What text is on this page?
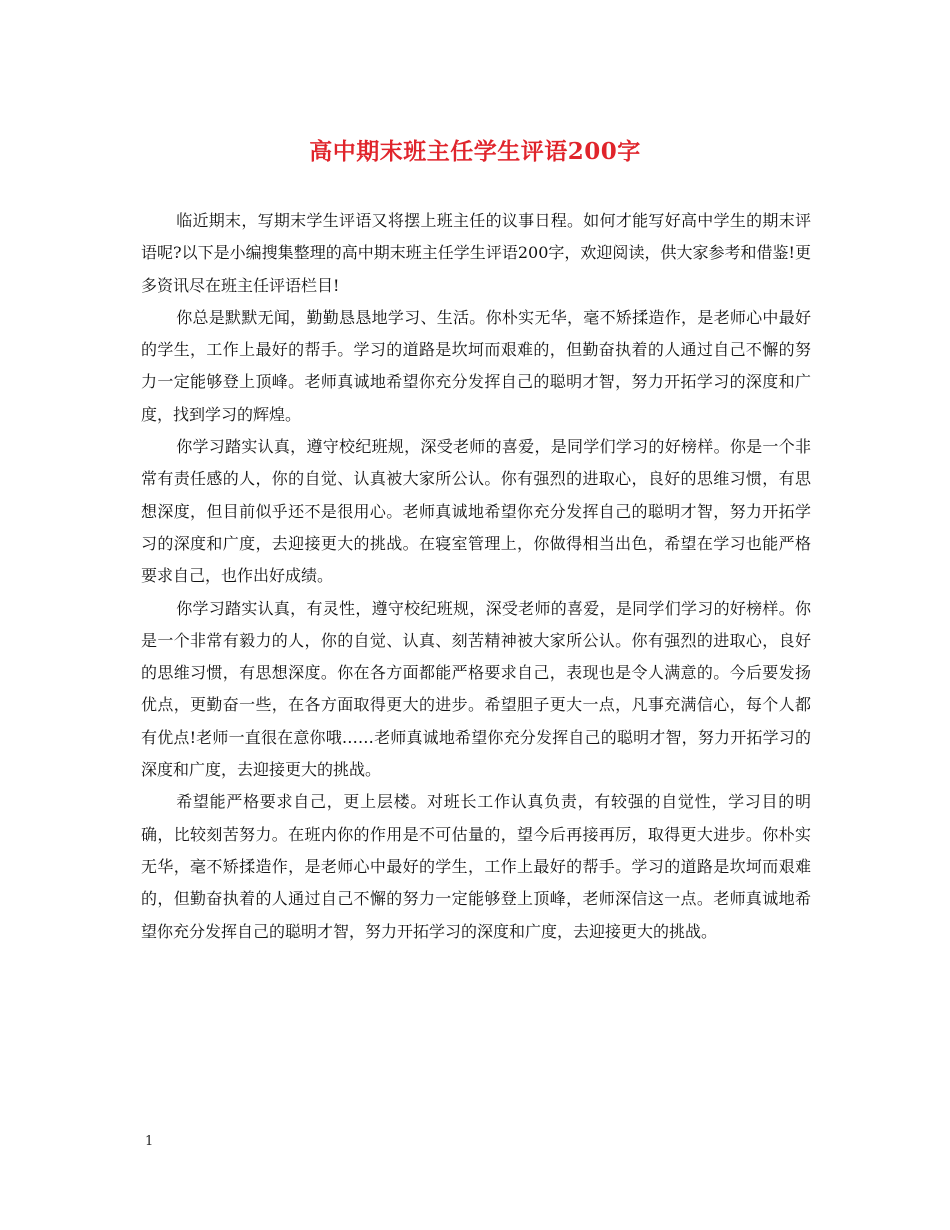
高中期末班主任学生评语200字

临近期末，写期末学生评语又将摆上班主任的议事日程。如何才能写好高中学生的期末评语呢?以下是小编搜集整理的高中期末班主任学生评语200字，欢迎阅读，供大家参考和借鉴!更多资讯尽在班主任评语栏目!

你总是默默无闻，勤勤恳恳地学习、生活。你朴实无华，毫不矫揉造作，是老师心中最好的学生，工作上最好的帮手。学习的道路是坎坷而艰难的，但勤奋执着的人通过自己不懈的努力一定能够登上顶峰。老师真诚地希望你充分发挥自己的聪明才智，努力开拓学习的深度和广度，找到学习的辉煌。

你学习踏实认真，遵守校纪班规，深受老师的喜爱，是同学们学习的好榜样。你是一个非常有责任感的人，你的自觉、认真被大家所公认。你有强烈的进取心，良好的思维习惯，有思想深度，但目前似乎还不是很用心。老师真诚地希望你充分发挥自己的聪明才智，努力开拓学习的深度和广度，去迎接更大的挑战。在寝室管理上，你做得相当出色，希望在学习也能严格要求自己，也作出好成绩。

你学习踏实认真，有灵性，遵守校纪班规，深受老师的喜爱，是同学们学习的好榜样。你是一个非常有毅力的人，你的自觉、认真、刻苦精神被大家所公认。你有强烈的进取心，良好的思维习惯，有思想深度。你在各方面都能严格要求自己，表现也是令人满意的。今后要发扬优点，更勤奋一些，在各方面取得更大的进步。希望胆子更大一点，凡事充满信心，每个人都有优点!老师一直很在意你哦……老师真诚地希望你充分发挥自己的聪明才智，努力开拓学习的深度和广度，去迎接更大的挑战。

希望能严格要求自己，更上层楼。对班长工作认真负责，有较强的自觉性，学习目的明确，比较刻苦努力。在班内你的作用是不可估量的，望今后再接再厉，取得更大进步。你朴实无华，毫不矫揉造作，是老师心中最好的学生，工作上最好的帮手。学习的道路是坎坷而艰难的，但勤奋执着的人通过自己不懈的努力一定能够登上顶峰，老师深信这一点。老师真诚地希望你充分发挥自己的聪明才智，努力开拓学习的深度和广度，去迎接更大的挑战。

1
